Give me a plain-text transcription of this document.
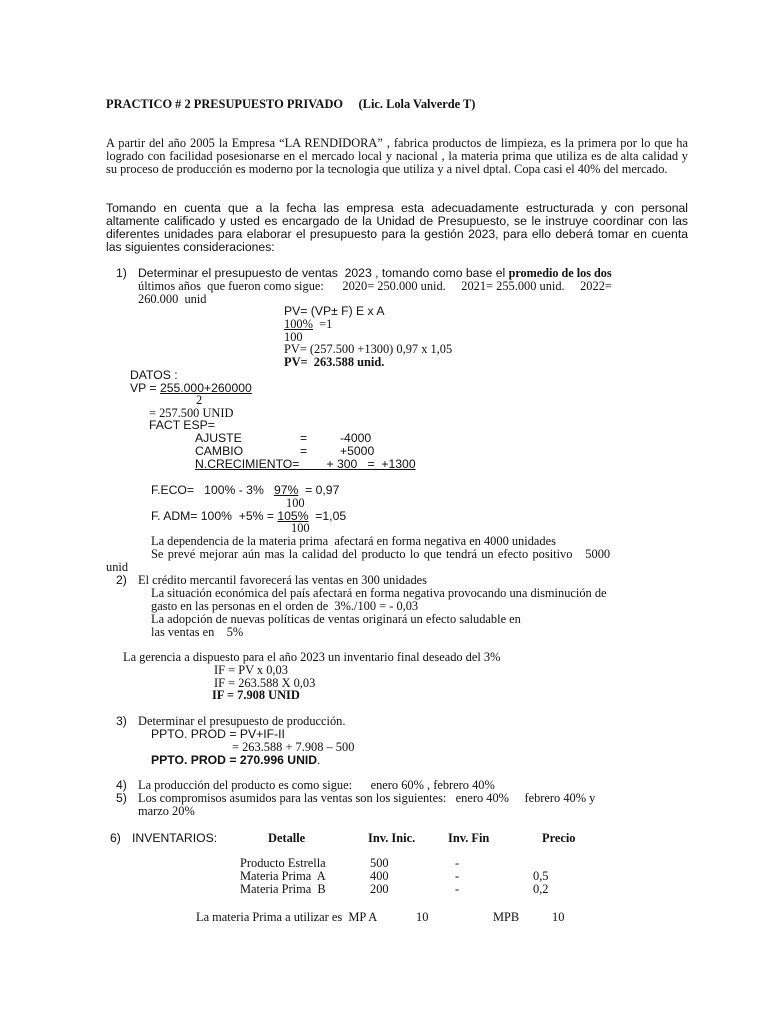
PRACTICO # 2 PRESUPUESTO PRIVADO     (Lic. Lola Valverde T)
A partir del año 2005 la Empresa “LA RENDIDORA” , fabrica productos de limpieza, es la primera por lo que ha logrado con facilidad posesionarse en el mercado local y nacional , la materia prima que utiliza es de alta calidad y su proceso de producción es moderno por la tecnologia que utiliza y a nivel dptal. Copa casi el 40% del mercado.
Tomando en cuenta que a la fecha las empresa esta adecuadamente estructurada y con personal altamente calificado y usted es encargado de la Unidad de Presupuesto, se le instruye coordinar con las diferentes unidades para elaborar el presupuesto para la gestión 2023, para ello deberá tomar en cuenta las siguientes consideraciones:
1) Determinar el presupuesto de ventas  2023 , tomando como base el promedio de los dos
últimos años  que fueron como sigue:      2020= 250.000 unid.     2021= 255.000 unid.     2022=
260.000  unid
PV= (VP± F) E x A
100%  =1
100
PV= (257.500 +1300) 0,97 x 1,05
PV=  263.588 unid.
DATOS :
VP = 255.000+260000
2
= 257.500 UNID
FACT ESP=
AJUSTE	=	-4000
CAMBIO	=	+5000
N.CRECIMIENTO=        + 300   =  +1300
F.ECO=   100% - 3%   97%  = 0,97
100
F. ADM= 100%  +5% = 105%  =1,05
100
La dependencia de la materia prima  afectará en forma negativa en 4000 unidades
Se prevé mejorar aún mas la calidad del producto lo que tendrá un efecto positivo   5000
unid
2) El crédito mercantil favorecerá las ventas en 300 unidades
La situación económica del país afectará en forma negativa provocando una disminución de
gasto en las personas en el orden de  3%./100 = - 0,03
La adopción de nuevas políticas de ventas originará un efecto saludable en
las ventas en    5%
La gerencia a dispuesto para el año 2023 un inventario final deseado del 3%
IF = PV x 0,03
IF = 263.588 X 0,03
IF = 7.908 UNID
3) Determinar el presupuesto de producción.
PPTO. PROD = PV+IF-II
= 263.588 + 7.908 – 500
PPTO. PROD = 270.996 UNID.
4) La producción del producto es como sigue:      enero 60% , febrero 40%
5) Los compromisos asumidos para las ventas son los siguientes:   enero 40%     febrero 40% y
marzo 20%
6) INVENTARIOS:	Detalle	Inv. Inic.	Inv. Fin	Precio
Producto Estrella	500	-
Materia Prima  A	400	-	0,5
Materia Prima  B	200	-	0,2
La materia Prima a utilizar es  MP A	10	MPB	10
